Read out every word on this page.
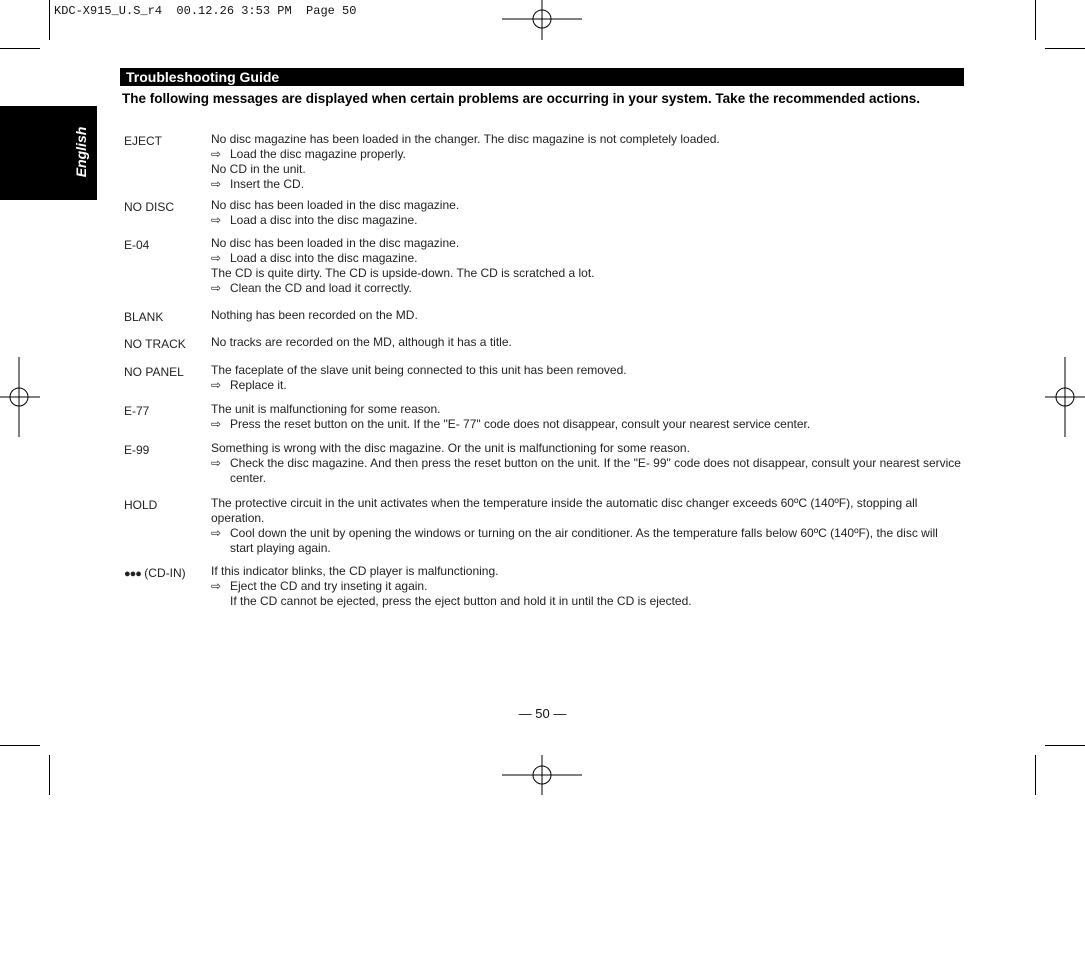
KDC-X915_U.S_r4  00.12.26 3:53 PM  Page 50
English
Troubleshooting Guide
The following messages are displayed when certain problems are occurring in your system. Take the recommended actions.
EJECT	No disc magazine has been loaded in the changer. The disc magazine is not completely loaded.

⇨ Load the disc magazine properly.

No CD in the unit.

⇨ Insert the CD.

NO DISC	No disc has been loaded in the disc magazine.

⇨ Load a disc into the disc magazine.

E-04	No disc has been loaded in the disc magazine.

⇨ Load a disc into the disc magazine.

The CD is quite dirty. The CD is upside-down. The CD is scratched a lot.

⇨ Clean the CD and load it correctly.

BLANK	Nothing has been recorded on the MD.

NO TRACK	No tracks are recorded on the MD, although it has a title.

NO PANEL	The faceplate of the slave unit being connected to this unit has been removed.

⇨ Replace it.

E-77	The unit is malfunctioning for some reason.

⇨ Press the reset button on the unit. If the "E- 77" code does not disappear, consult your nearest service center.

E-99	Something is wrong with the disc magazine. Or the unit is malfunctioning for some reason.

⇨ Check the disc magazine. And then press the reset button on the unit. If the "E- 99" code does not disappear, consult your nearest service center.

HOLD	The protective circuit in the unit activates when the temperature inside the automatic disc changer exceeds 60ºC (140ºF), stopping all operation.

⇨ Cool down the unit by opening the windows or turning on the air conditioner. As the temperature falls below 60ºC (140ºF), the disc will start playing again.

●●● (CD-IN)	If this indicator blinks, the CD player is malfunctioning.

⇨ Eject the CD and try inseting it again.

If the CD cannot be ejected, press the eject button and hold it in until the CD is ejected.

— 50 —
